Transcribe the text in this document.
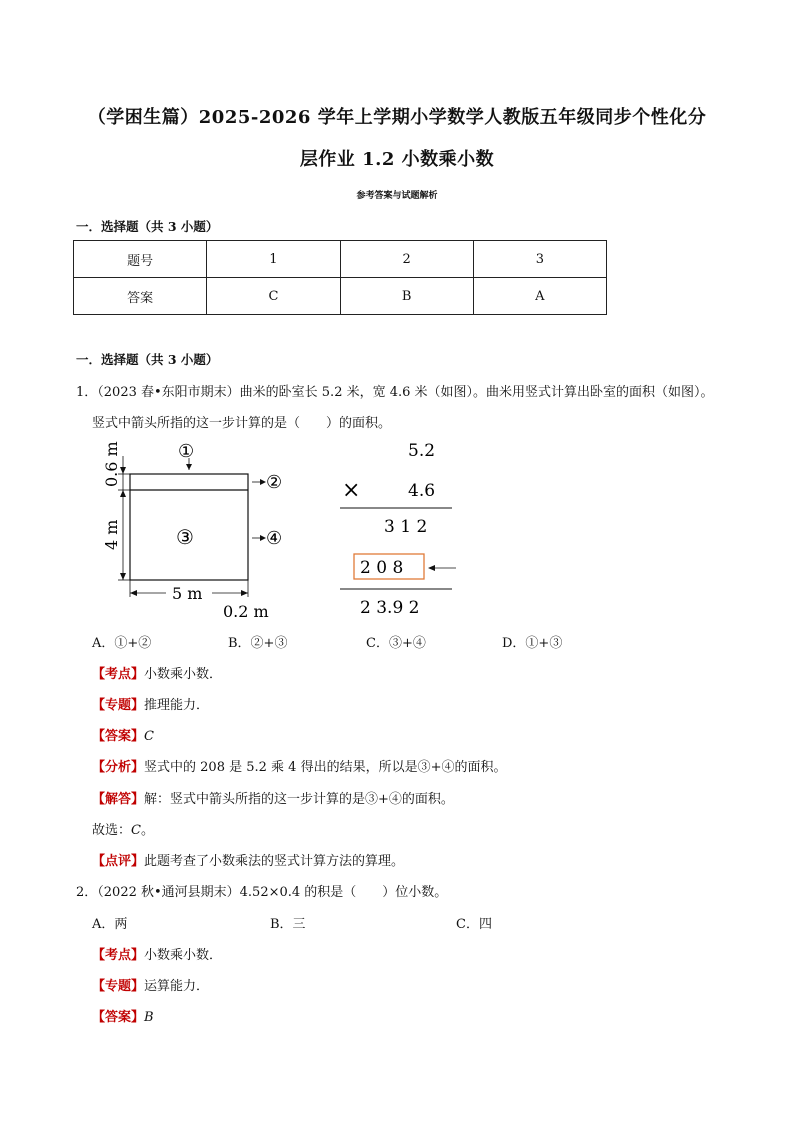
（学困生篇）2025-2026 学年上学期小学数学人教版五年级同步个性化分
层作业 1.2 小数乘小数
参考答案与试题解析
一．选择题（共 3 小题）
题号	1	2	3
答案	C	B	A
一．选择题（共 3 小题）
1．（2023 春•东阳市期末）曲米的卧室长 5.2 米，宽 4.6 米（如图）。曲米用竖式计算出卧室的面积（如图）。
竖式中箭头所指的这一步计算的是（　　）的面积。
0.6 m
4 m
5 m
0.2 m
①
②
③	④
5.2
×	4.6
3 1 2
2 0 8
2 3.9 2
A．①+②	B．②+③	C．③+④	D．①+③
【考点】小数乘小数．
【专题】推理能力．
【答案】C
【分析】竖式中的 208 是 5.2 乘 4 得出的结果，所以是③+④的面积。
【解答】解：竖式中箭头所指的这一步计算的是③+④的面积。
故选：C。
【点评】此题考查了小数乘法的竖式计算方法的算理。
2．（2022 秋•通河县期末）4.52×0.4 的积是（　　）位小数。
A．两	B．三	C．四
【考点】小数乘小数．
【专题】运算能力．
【答案】B
